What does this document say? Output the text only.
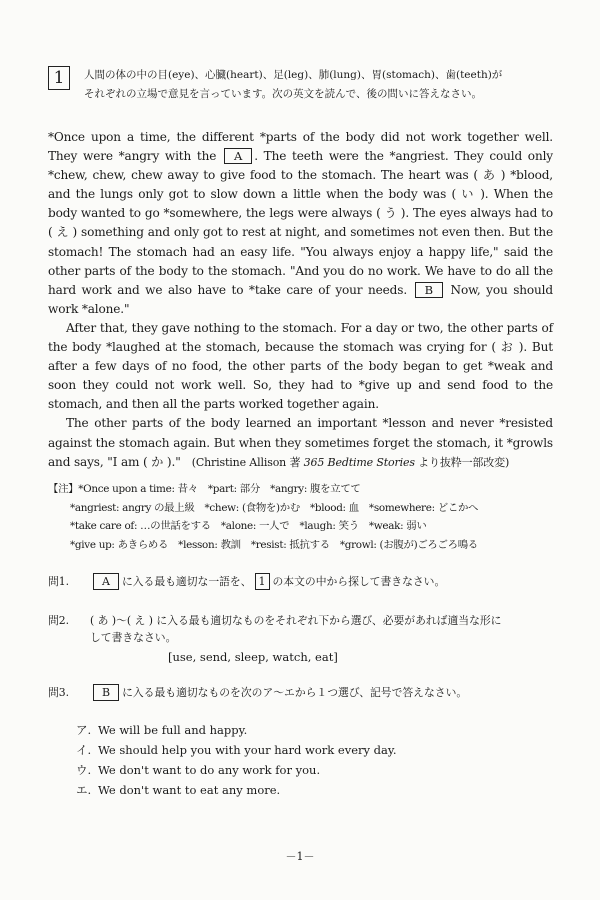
1	人間の体の中の目(eye)、心臓(heart)、足(leg)、肺(lung)、胃(stomach)、歯(teeth)が
それぞれの立場で意見を言っています。次の英文を読んで、後の問いに答えなさい。

*Once upon a time, the different *parts of the body did not work together well. They were *angry with the A . The teeth were the *angriest. They could only *chew, chew, chew away to give food to the stomach. The heart was ( あ ) *blood, and the lungs only got to slow down a little when the body was ( い ). When the body wanted to go *somewhere, the legs were always ( う ). The eyes always had to ( え ) something and only got to rest at night, and sometimes not even then. But the stomach! The stomach had an easy life. "You always enjoy a happy life," said the other parts of the body to the stomach. "And you do no work. We have to do all the hard work and we also have to *take care of your needs. B Now, you should work *alone."

After that, they gave nothing to the stomach. For a day or two, the other parts of the body *laughed at the stomach, because the stomach was crying for ( お ). But after a few days of no food, the other parts of the body began to get *weak and soon they could not work well. So, they had to *give up and send food to the stomach, and then all the parts worked together again.

The other parts of the body learned an important *lesson and never *resisted against the stomach again. But when they sometimes forget the stomach, it *growls and says, "I am ( か )." (Christine Allison 著 365 Bedtime Stories より抜粋一部改変)

【注】*Once upon a time: 昔々　*part: 部分　*angry: 腹を立てて
*angriest: angry の最上級　*chew: (食物を)かむ　*blood: 血　*somewhere: どこかへ
*take care of: …の世話をする　*alone: 一人で　*laugh: 笑う　*weak: 弱い
*give up: あきらめる　*lesson: 教訓　*resist: 抵抗する　*growl: (お腹が)ごろごろ鳴る
問1.	A に入る最も適切な一語を、 1 の本文の中から探して書きなさい。
問2. ( あ )～( え ) に入る最も適切なものをそれぞれ下から選び、必要があれば適当な形に
して書きなさい。
[use, send, sleep, watch, eat]
問3.	B に入る最も適切なものを次のア～エから１つ選び、記号で答えなさい。
ア. We will be full and happy.
イ. We should help you with your hard work every day.
ウ. We don't want to do any work for you.
エ. We don't want to eat any more.
－1－
